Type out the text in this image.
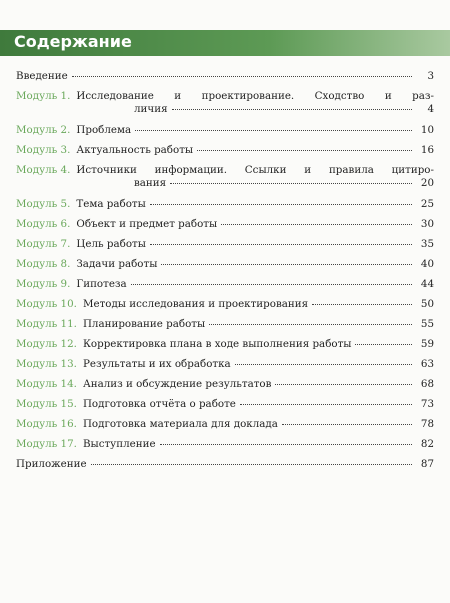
Содержание
Введение	3
Модуль 1. Исследование и проектирование. Сходство и раз-
личия	4
Модуль 2. Проблема	10
Модуль 3. Актуальность работы	16
Модуль 4. Источники информации. Ссылки и правила цитиро-
вания	20
Модуль 5. Тема работы	25
Модуль 6. Объект и предмет работы	30
Модуль 7. Цель работы	35
Модуль 8. Задачи работы	40
Модуль 9. Гипотеза	44
Модуль 10. Методы исследования и проектирования	50
Модуль 11. Планирование работы	55
Модуль 12. Корректировка плана в ходе выполнения работы	59
Модуль 13. Результаты и их обработка	63
Модуль 14. Анализ и обсуждение результатов	68
Модуль 15. Подготовка отчёта о работе	73
Модуль 16. Подготовка материала для доклада	78
Модуль 17. Выступление	82
Приложение	87
